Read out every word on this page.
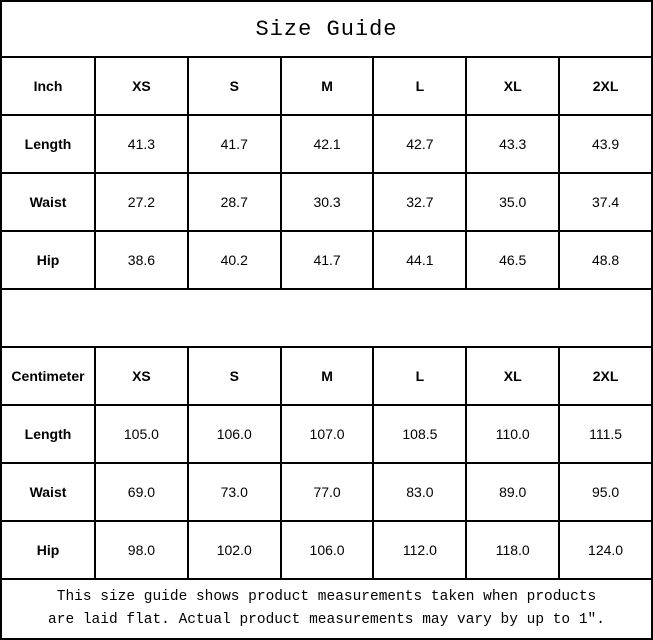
Size Guide						
Inch	XS	S	M	L	XL	2XL
Length	41.3	41.7	42.1	42.7	43.3	43.9
Waist	27.2	28.7	30.3	32.7	35.0	37.4
Hip	38.6	40.2	41.7	44.1	46.5	48.8

Centimeter	XS	S	M	L	XL	2XL
Length	105.0	106.0	107.0	108.5	110.0	111.5
Waist	69.0	73.0	77.0	83.0	89.0	95.0
Hip	98.0	102.0	106.0	112.0	118.0	124.0

This size guide shows product measurements taken when products
are laid flat. Actual product measurements may vary by up to 1″.						
